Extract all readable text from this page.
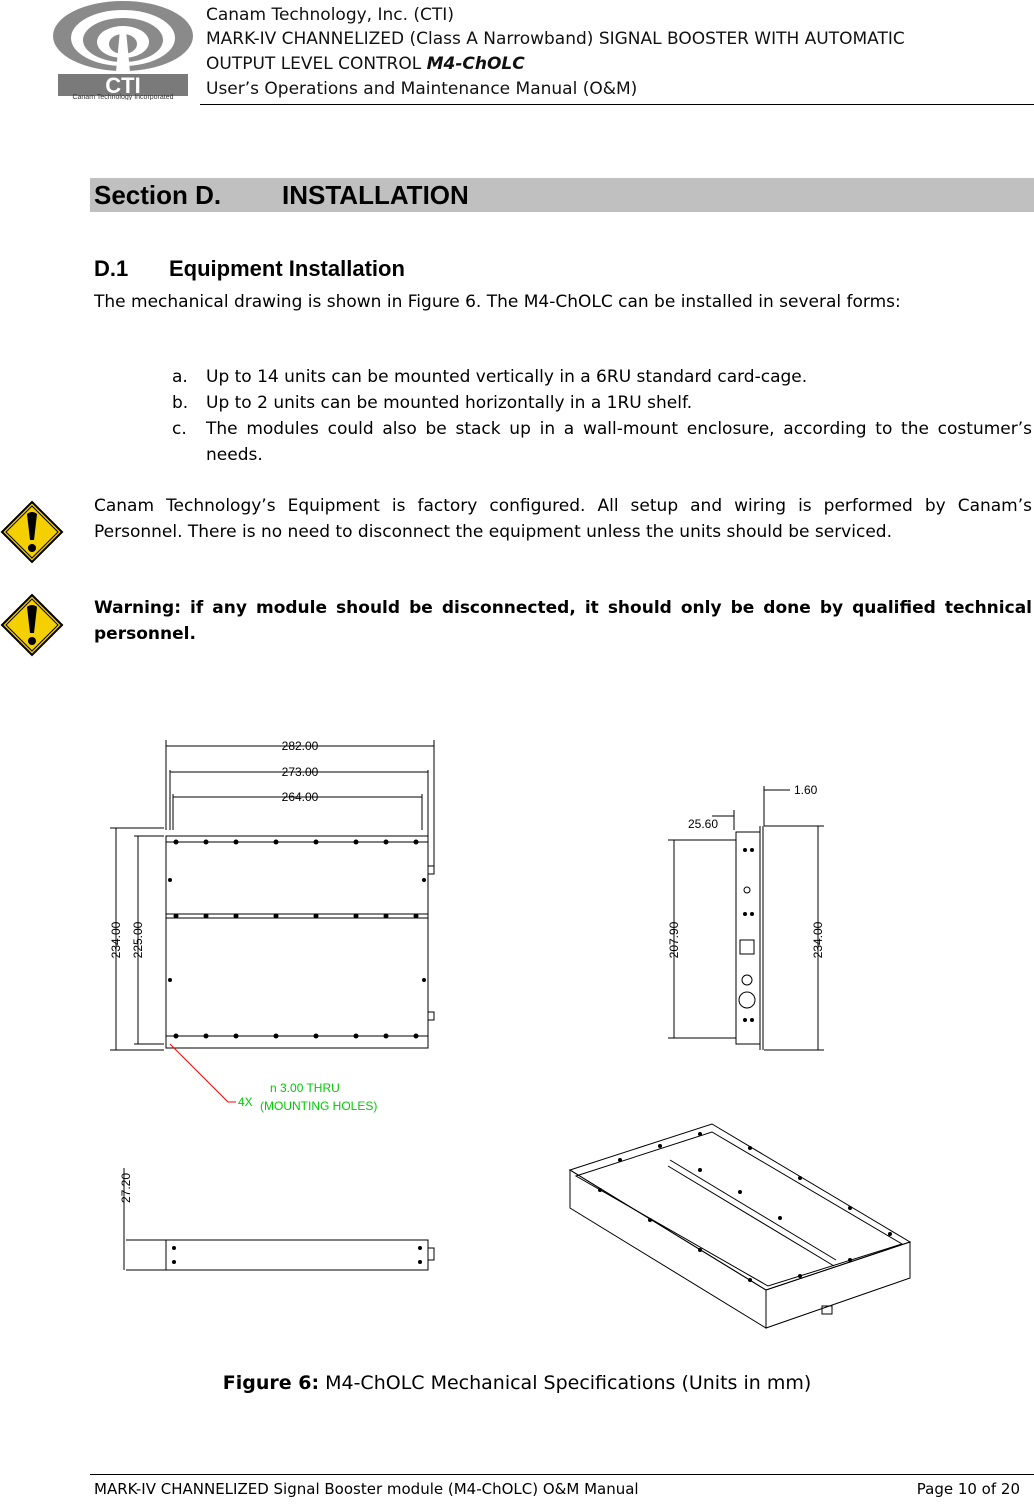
CTI
Canam Technology Incorporated
Canam Technology, Inc. (CTI)
MARK-IV CHANNELIZED (Class A Narrowband) SIGNAL BOOSTER WITH AUTOMATIC
OUTPUT LEVEL CONTROL M4-ChOLC
User’s Operations and Maintenance Manual (O&M)
Section D. INSTALLATION
D.1 Equipment Installation
The mechanical drawing is shown in Figure 6. The M4-ChOLC can be installed in several forms:
a. Up to 14 units can be mounted vertically in a 6RU standard card-cage.
b. Up to 2 units can be mounted horizontally in a 1RU shelf.
c. The modules could also be stack up in a wall-mount enclosure, according to the costumer’s needs.
Canam Technology’s Equipment is factory configured. All setup and wiring is performed by Canam’s Personnel. There is no need to disconnect the equipment unless the units should be serviced.
Warning: if any module should be disconnected, it should only be done by qualified technical personnel.
282.00
273.00
264.00
234.00 225.00
4X
n 3.00 THRU
(MOUNTING HOLES)
1.60
25.60
207.90	234.00
27.20
Figure 6: M4-ChOLC Mechanical Specifications (Units in mm)
MARK-IV CHANNELIZED Signal Booster module (M4-ChOLC) O&M Manual	Page 10 of 20
